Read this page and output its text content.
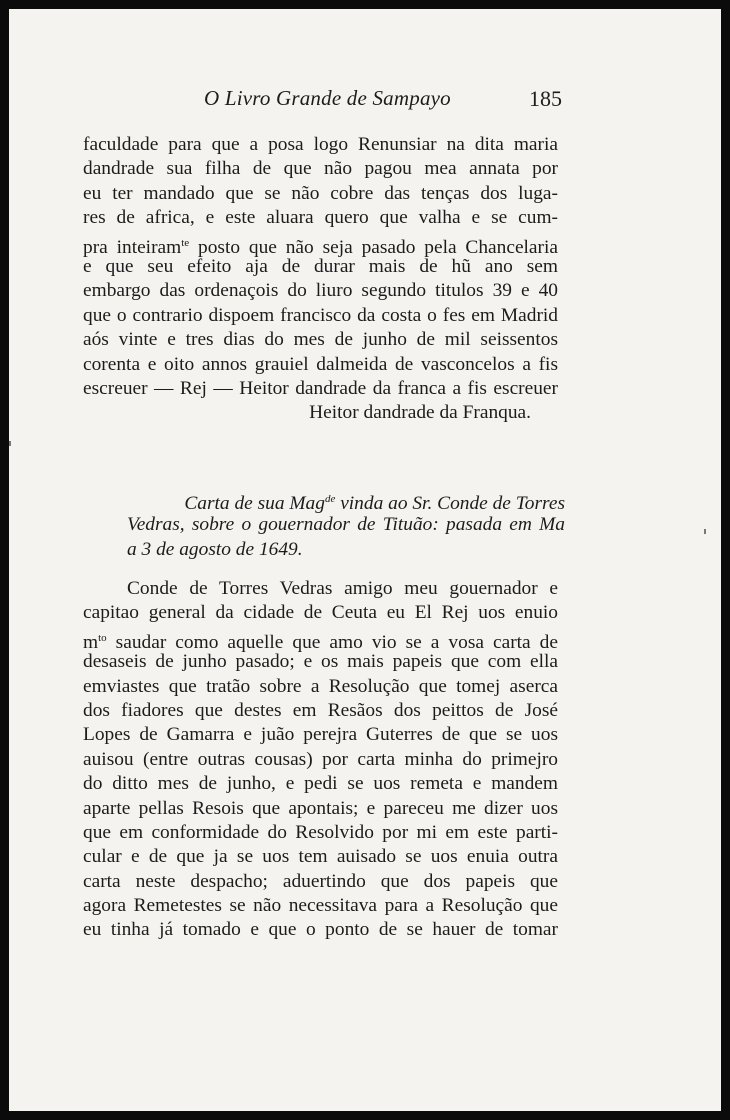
O Livro Grande de Sampayo	185
faculdade para que a posa logo Renunsiar na dita maria
dandrade sua filha de que não pagou mea annata por
eu ter mandado que se não cobre das tenças dos luga-
res de africa, e este aluara quero que valha e se cum-
pra inteiram$^{te}$ posto que não seja pasado pela Chancelaria
e que seu efeito aja de durar mais de hũ ano sem
embargo das ordenaçois do liuro segundo titulos 39 e 40
que o contrario dispoem francisco da costa o fes em Madrid
aós vinte e tres dias do mes de junho de mil seissentos
corenta e oito annos grauiel dalmeida de vasconcelos a fis
escreuer — Rej — Heitor dandrade da franca a fis escreuer
Heitor dandrade da Franqua.
Carta de sua Mag$^{de}$ vinda ao Sr. Conde de Torres
Vedras, sobre o gouernador de Tituão: pasada em Ma
a 3 de agosto de 1649.
Conde de Torres Vedras amigo meu gouernador e
capitao general da cidade de Ceuta eu El Rej uos enuio
$m^{to}$ saudar como aquelle que amo vio se a vosa carta de
desaseis de junho pasado; e os mais papeis que com ella
emviastes que tratão sobre a Resolução que tomej aserca
dos fiadores que destes em Resãos dos peittos de José
Lopes de Gamarra e juão perejra Guterres de que se uos
auisou (entre outras cousas) por carta minha do primejro
do ditto mes de junho, e pedi se uos remeta e mandem
aparte pellas Resois que apontais; e pareceu me dizer uos
que em conformidade do Resolvido por mi em este parti-
cular e de que ja se uos tem auisado se uos enuia outra
carta neste despacho; aduertindo que dos papeis que
agora Remetestes se não necessitava para a Resolução que
eu tinha já tomado e que o ponto de se hauer de tomar
